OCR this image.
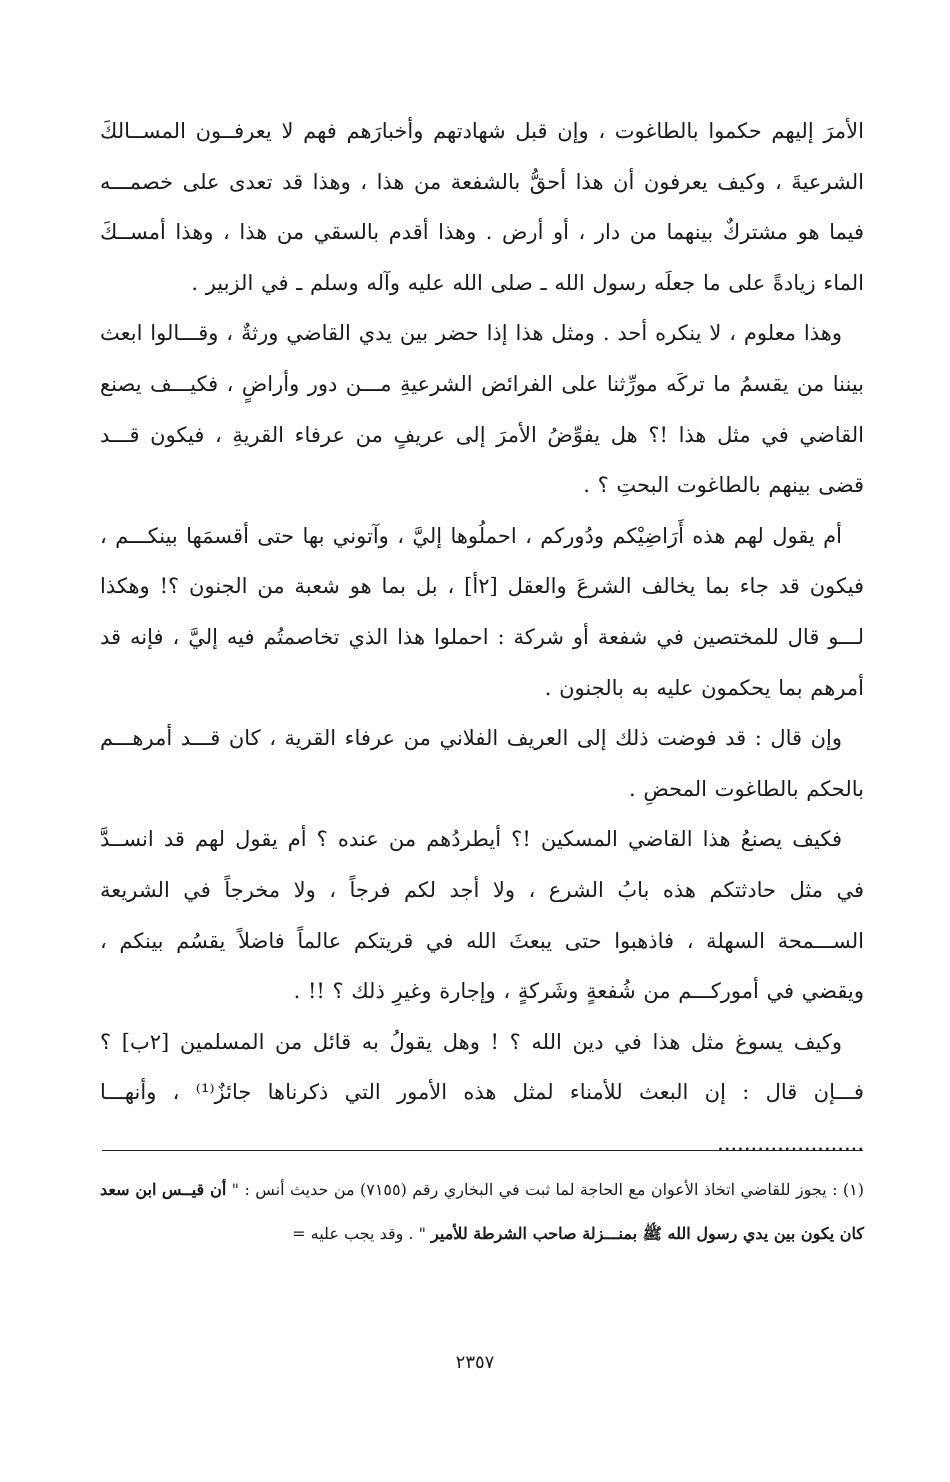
الأمرَ إليهم حكموا بالطاغوت ، وإن قبل شهادتهم وأخبارَهم فهم لا يعرفــون المســالكَ الشرعيةَ ، وكيف يعرفون أن هذا أحقُّ بالشفعة من هذا ، وهذا قد تعدى على خصمـــه فيما هو مشتركٌ بينهما من دار ، أو أرض . وهذا أقدم بالسقي من هذا ، وهذا أمســكَ الماء زيادةً على ما جعلَه رسول الله ـ صلى الله عليه وآله وسلم ـ في الزبير .

وهذا معلوم ، لا ينكره أحد . ومثل هذا إذا حضر بين يدي القاضي ورثةٌ ، وقـــالوا ابعث بيننا من يقسمُ ما تركَه مورِّثنا على الفرائض الشرعيةِ مـــن دور وأراضٍ ، فكيـــف يصنع القاضي في مثل هذا !؟ هل يفوِّضُ الأمرَ إلى عريفٍ من عرفاء القريةِ ، فيكون قـــد قضى بينهم بالطاغوت البحتِ ؟ .

أم يقول لهم هذه أَرَاضِيْكم ودُوركم ، احملُوها إليَّ ، وآتوني بها حتى أقسمَها بينكـــم ، فيكون قد جاء بما يخالف الشرعَ والعقل [٢أ] ، بل بما هو شعبة من الجنون ؟! وهكذا لـــو قال للمختصين في شفعة أو شركة : احملوا هذا الذي تخاصمتُم فيه إليَّ ، فإنه قد أمرهم بما يحكمون عليه به بالجنون .

وإن قال : قد فوضت ذلك إلى العريف الفلاني من عرفاء القرية ، كان قـــد أمرهـــم بالحكم بالطاغوت المحضِ .

فكيف يصنعُ هذا القاضي المسكين !؟ أيطردُهم من عنده ؟ أم يقول لهم قد انســدَّ في مثل حادثتكم هذه بابُ الشرع ، ولا أجد لكم فرجاً ، ولا مخرجاً في الشريعة الســـمحة السهلة ، فاذهبوا حتى يبعثَ الله في قريتكم عالماً فاضلاً يقسُم بينكم ، ويقضي في أموركـــم من شُفعةٍ وشَركةٍ ، وإجارة وغيرِ ذلك ؟ !! .

وكيف يسوغ مثل هذا في دين الله ؟ ! وهل يقولُ به قائل من المسلمين [٢ب] ؟ فـــإن قال : إن البعث للأمناء لمثل هذه الأمور التي ذكرناها جائزٌ⁽¹⁾ ، وأنهـــا ......................

(١) : يجوز للقاضي اتخاذ الأعوان مع الحاجة لما ثبت في البخاري رقم (٧١٥٥) من حديث أنس : " أن قيــس ابن سعد كان يكون بين يدي رسول الله ﷺ بمنـــزلة صاحب الشرطة للأمير " . وقد يجب عليه =

٢٣٥٧
